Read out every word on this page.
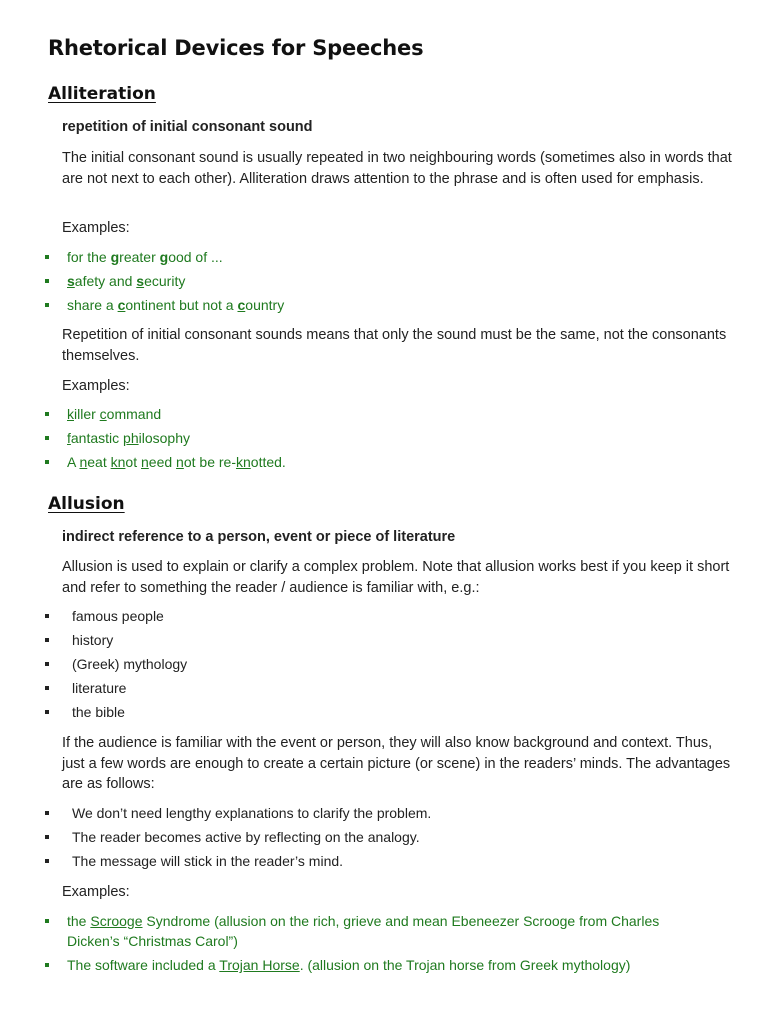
Rhetorical Devices for Speeches
Alliteration

repetition of initial consonant sound

The initial consonant sound is usually repeated in two neighbouring words (sometimes also in words that are not next to each other). Alliteration draws attention to the phrase and is often used for emphasis.

Examples:

for the greater good of ...
safety and security
share a continent but not a country

Repetition of initial consonant sounds means that only the sound must be the same, not the consonants themselves.

Examples:

killer command
fantastic philosophy
A neat knot need not be re-knotted.
Allusion

indirect reference to a person, event or piece of literature

Allusion is used to explain or clarify a complex problem. Note that allusion works best if you keep it short and refer to something the reader / audience is familiar with, e.g.:

famous people
history
(Greek) mythology
literature
the bible

If the audience is familiar with the event or person, they will also know background and context. Thus, just a few words are enough to create a certain picture (or scene) in the readers’ minds. The advantages are as follows:

We don’t need lengthy explanations to clarify the problem.
The reader becomes active by reflecting on the analogy.
The message will stick in the reader’s mind.

Examples:

the Scrooge Syndrome (allusion on the rich, grieve and mean Ebeneezer Scrooge from Charles Dicken’s “Christmas Carol”)
The software included a Trojan Horse. (allusion on the Trojan horse from Greek mythology)
